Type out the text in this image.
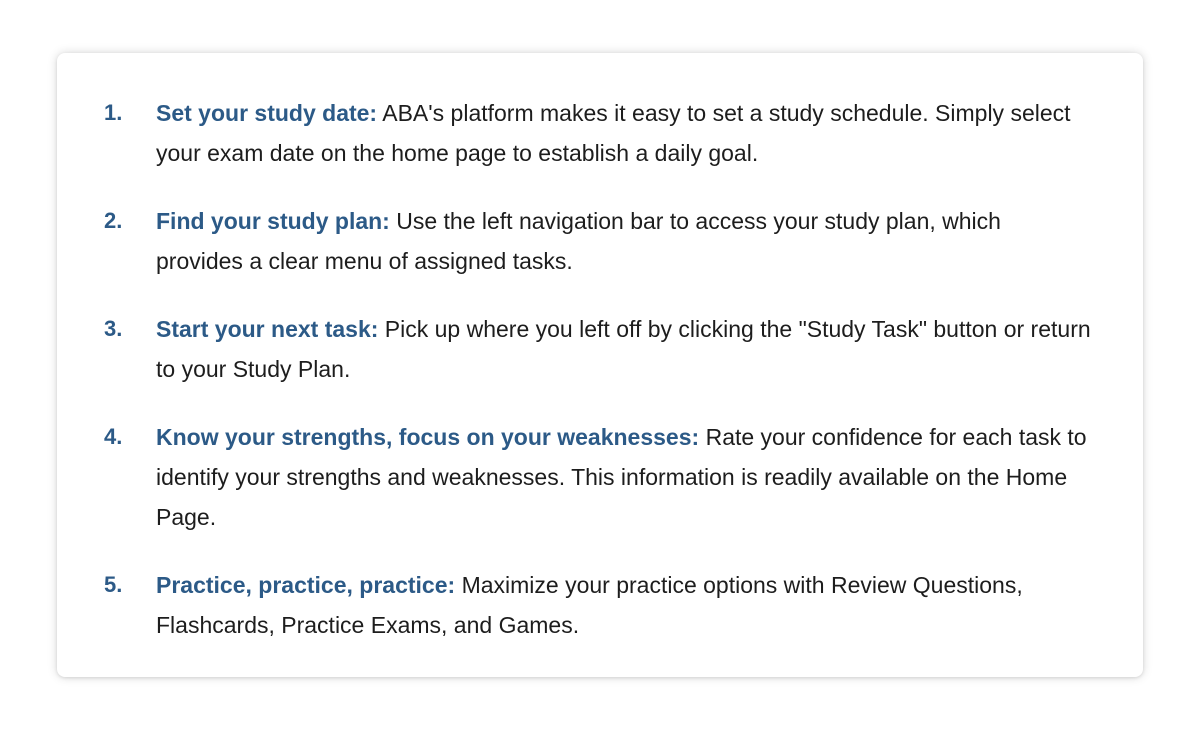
1.	Set your study date: ABA's platform makes it easy to set a study schedule. Simply select your exam date on the home page to establish a daily goal.
2.	Find your study plan: Use the left navigation bar to access your study plan, which provides a clear menu of assigned tasks.
3.	Start your next task: Pick up where you left off by clicking the "Study Task" button or return to your Study Plan.
4.	Know your strengths, focus on your weaknesses: Rate your confidence for each task to identify your strengths and weaknesses. This information is readily available on the Home Page.
5.	Practice, practice, practice: Maximize your practice options with Review Questions, Flashcards, Practice Exams, and Games.
